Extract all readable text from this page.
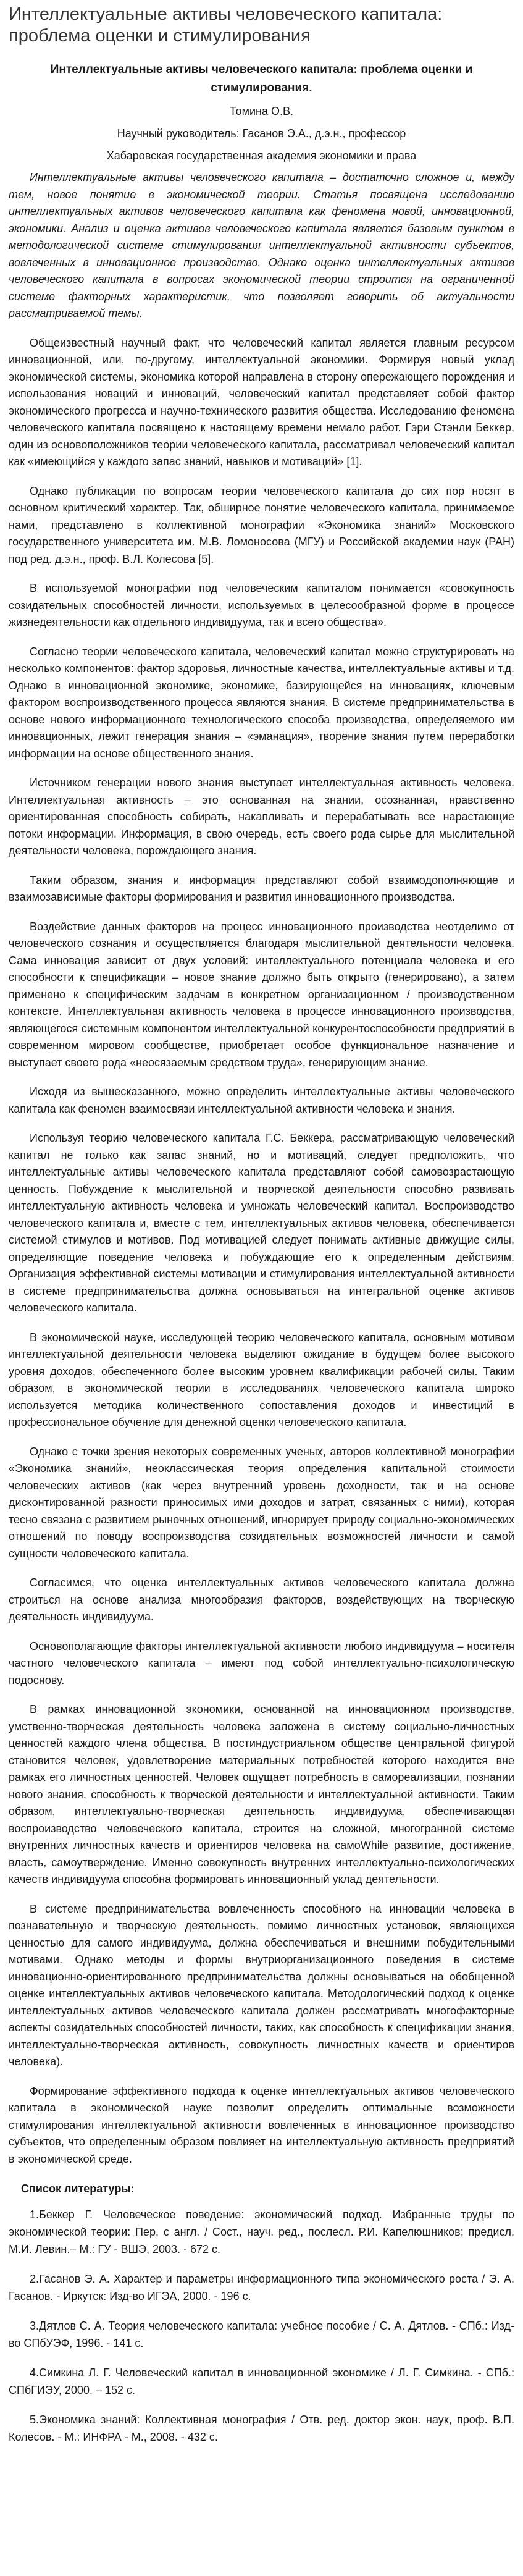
Интеллектуальные активы человеческого капитала: проблема оценки и стимулирования
Интеллектуальные активы человеческого капитала: проблема оценки и стимулирования.
Томина О.В.
Научный руководитель: Гасанов Э.А., д.э.н., профессор
Хабаровская государственная академия экономики и права

Интеллектуальные активы человеческого капитала – достаточно сложное и, между тем, новое понятие в экономической теории. Статья посвящена исследованию интеллектуальных активов человеческого капитала как феномена новой, инновационной, экономики. Анализ и оценка активов человеческого капитала является базовым пунктом в методологической системе стимулирования интеллектуальной активности субъектов, вовлеченных в инновационное производство. Однако оценка интеллектуальных активов человеческого капитала в вопросах экономической теории строится на ограниченной системе факторных характеристик, что позволяет говорить об актуальности рассматриваемой темы.

Общеизвестный научный факт, что человеческий капитал является главным ресурсом инновационной, или, по-другому, интеллектуальной экономики. Формируя новый уклад экономической системы, экономика которой направлена в сторону опережающего порождения и использования новаций и инноваций, человеческий капитал представляет собой фактор экономического прогресса и научно-технического развития общества. Исследованию феномена человеческого капитала посвящено к настоящему времени немало работ. Гэри Стэнли Беккер, один из основоположников теории человеческого капитала, рассматривал человеческий капитал как «имеющийся у каждого запас знаний, навыков и мотиваций» [1].

Однако публикации по вопросам теории человеческого капитала до сих пор носят в основном критический характер. Так, обширное понятие человеческого капитала, принимаемое нами, представлено в коллективной монографии «Экономика знаний» Московского государственного университета им. М.В. Ломоносова (МГУ) и Российской академии наук (РАН) под ред. д.э.н., проф. В.Л. Колесова [5].

В используемой монографии под человеческим капиталом понимается «совокупность созидательных способностей личности, используемых в целесообразной форме в процессе жизнедеятельности как отдельного индивидуума, так и всего общества».

Согласно теории человеческого капитала, человеческий капитал можно структурировать на несколько компонентов: фактор здоровья, личностные качества, интеллектуальные активы и т.д. Однако в инновационной экономике, экономике, базирующейся на инновациях, ключевым фактором воспроизводственного процесса являются знания. В системе предпринимательства в основе нового информационного технологического способа производства, определяемого им инновационных, лежит генерация знания – «эманация», творение знания путем переработки информации на основе общественного знания.

Источником генерации нового знания выступает интеллектуальная активность человека. Интеллектуальная активность – это основанная на знании, осознанная, нравственно ориентированная способность собирать, накапливать и перерабатывать все нарастающие потоки информации. Информация, в свою очередь, есть своего рода сырье для мыслительной деятельности человека, порождающего знания.

Таким образом, знания и информация представляют собой взаимодополняющие и взаимозависимые факторы формирования и развития инновационного производства.

Воздействие данных факторов на процесс инновационного производства неотделимо от человеческого сознания и осуществляется благодаря мыслительной деятельности человека. Сама инновация зависит от двух условий: интеллектуального потенциала человека и его способности к спецификации – новое знание должно быть открыто (генерировано), а затем применено к специфическим задачам в конкретном организационном / производственном контексте. Интеллектуальная активность человека в процессе инновационного производства, являющегося системным компонентом интеллектуальной конкурентоспособности предприятий в современном мировом сообществе, приобретает особое функциональное назначение и выступает своего рода «неосязаемым средством труда», генерирующим знание.

Исходя из вышесказанного, можно определить интеллектуальные активы человеческого капитала как феномен взаимосвязи интеллектуальной активности человека и знания.

Используя теорию человеческого капитала Г.С. Беккера, рассматривающую человеческий капитал не только как запас знаний, но и мотиваций, следует предположить, что интеллектуальные активы человеческого капитала представляют собой самовозрастающую ценность. Побуждение к мыслительной и творческой деятельности способно развивать интеллектуальную активность человека и умножать человеческий капитал. Воспроизводство человеческого капитала и, вместе с тем, интеллектуальных активов человека, обеспечивается системой стимулов и мотивов. Под мотивацией следует понимать активные движущие силы, определяющие поведение человека и побуждающие его к определенным действиям. Организация эффективной системы мотивации и стимулирования интеллектуальной активности в системе предпринимательства должна основываться на интегральной оценке активов человеческого капитала.

В экономической науке, исследующей теорию человеческого капитала, основным мотивом интеллектуальной деятельности человека выделяют ожидание в будущем более высокого уровня доходов, обеспеченного более высоким уровнем квалификации рабочей силы. Таким образом, в экономической теории в исследованиях человеческого капитала широко используется методика количественного сопоставления доходов и инвестиций в профессиональное обучение для денежной оценки человеческого капитала.

Однако с точки зрения некоторых современных ученых, авторов коллективной монографии «Экономика знаний», неоклассическая теория определения капитальной стоимости человеческих активов (как через внутренний уровень доходности, так и на основе дисконтированной разности приносимых ими доходов и затрат, связанных с ними), которая тесно связана с развитием рыночных отношений, игнорирует природу социально-экономических отношений по поводу воспроизводства созидательных возможностей личности и самой сущности человеческого капитала.

Согласимся, что оценка интеллектуальных активов человеческого капитала должна строиться на основе анализа многообразия факторов, воздействующих на творческую деятельность индивидуума.

Основополагающие факторы интеллектуальной активности любого индивидуума – носителя частного человеческого капитала – имеют под собой интеллектуально-психологическую подоснову.

В рамках инновационной экономики, основанной на инновационном производстве, умственно-творческая деятельность человека заложена в систему социально-личностных ценностей каждого члена общества. В постиндустриальном обществе центральной фигурой становится человек, удовлетворение материальных потребностей которого находится вне рамках его личностных ценностей. Человек ощущает потребность в самореализации, познании нового знания, способность к творческой деятельности и интеллектуальной активности. Таким образом, интеллектуально-творческая деятельность индивидуума, обеспечивающая воспроизводство человеческого капитала, строится на сложной, многогранной системе внутренних личностных качеств и ориентиров человека на самоWhile развитие, достижение, власть, самоутверждение. Именно совокупность внутренних интеллектуально-психологических качеств индивидуума способна формировать инновационный уклад деятельности.

В системе предпринимательства вовлеченность способного на инновации человека в познавательную и творческую деятельность, помимо личностных установок, являющихся ценностью для самого индивидуума, должна обеспечиваться и внешними побудительными мотивами. Однако методы и формы внутриорганизационного поведения в системе инновационно-ориентированного предпринимательства должны основываться на обобщенной оценке интеллектуальных активов человеческого капитала. Методологический подход к оценке интеллектуальных активов человеческого капитала должен рассматривать многофакторные аспекты созидательных способностей личности, таких, как способность к спецификации знания, интеллектуально-творческая активность, совокупность личностных качеств и ориентиров человека).

Формирование эффективного подхода к оценке интеллектуальных активов человеческого капитала в экономической науке позволит определить оптимальные возможности стимулирования интеллектуальной активности вовлеченных в инновационное производство субъектов, что определенным образом повлияет на интеллектуальную активность предприятий в экономической среде.

Список литературы:
1.Беккер Г. Человеческое поведение: экономический подход. Избранные труды по экономической теории: Пер. с англ. / Сост., науч. ред., послесл. Р.И. Капелюшников; предисл. М.И. Левин.– М.: ГУ - ВШЭ, 2003. - 672 с.
2.Гасанов Э. А. Характер и параметры информационного типа экономического роста / Э. А. Гасанов. - Иркутск: Изд-во ИГЭА, 2000. - 196 с.
3.Дятлов С. А. Теория человеческого капитала: учебное пособие / С. А. Дятлов. - СПб.: Изд-во СПбУЭФ, 1996. - 141 с.
4.Симкина Л. Г. Человеческий капитал в инновационной экономике / Л. Г. Симкина. - СПб.: СПбГИЭУ, 2000. – 152 с.
5.Экономика знаний: Коллективная монография / Отв. ред. доктор экон. наук, проф. В.П. Колесов. - М.: ИНФРА - М., 2008. - 432 с.
